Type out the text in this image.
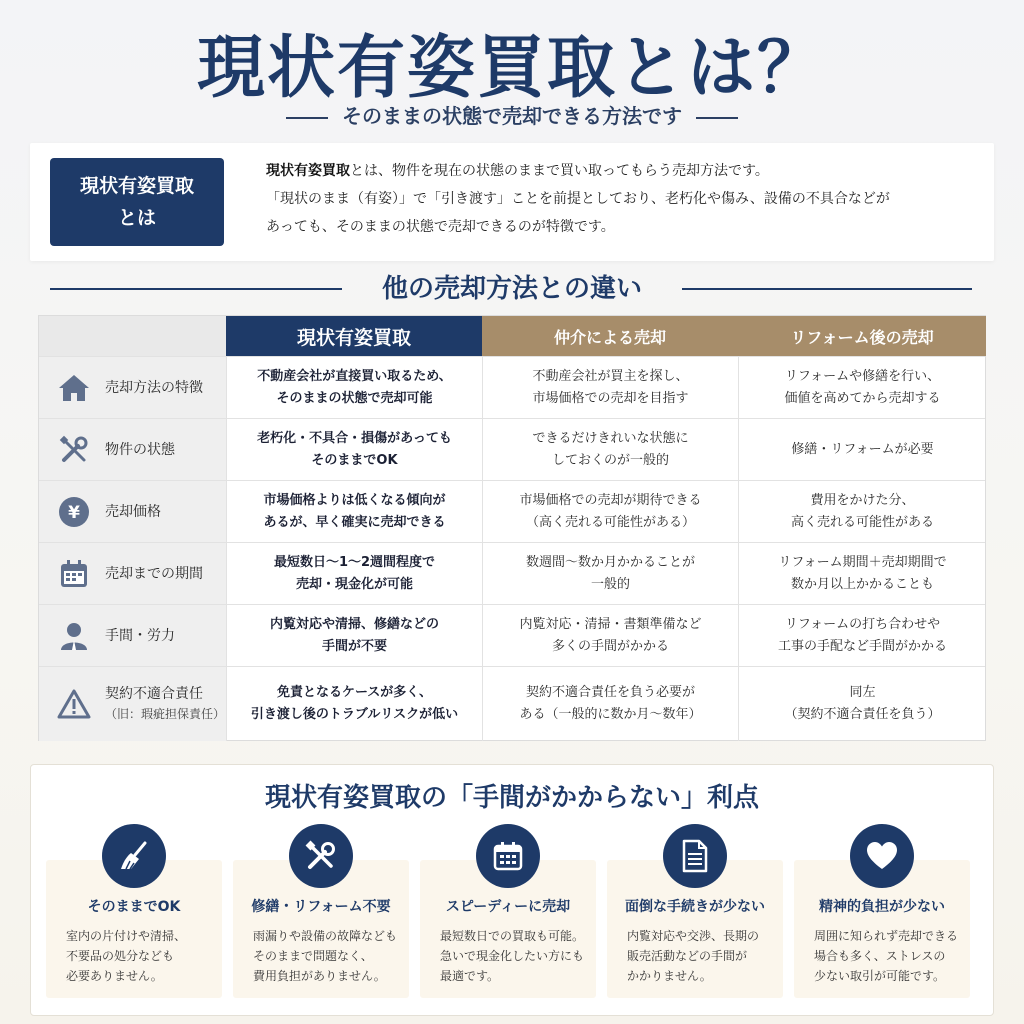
現状有姿買取とは？
そのままの状態で売却できる方法です
現状有姿買取
とは
現状有姿買取とは、物件を現在の状態のままで買い取ってもらう売却方法です。
「現状のまま（有姿）」で「引き渡す」ことを前提としており、老朽化や傷み、設備の不具合などが
あっても、そのままの状態で売却できるのが特徴です。
他の売却方法との違い
現状有姿買取	仲介による売却	リフォーム後の売却
売却方法の特徴
不動産会社が直接買い取るため、
そのままの状態で売却可能
不動産会社が買主を探し、
市場価格での売却を目指す
リフォームや修繕を行い、
価値を高めてから売却する
物件の状態
老朽化・不具合・損傷があっても
そのままでOK
できるだけきれいな状態に
しておくのが一般的
修繕・リフォームが必要
¥ 売却価格
市場価格よりは低くなる傾向が
あるが、早く確実に売却できる
市場価格での売却が期待できる
（高く売れる可能性がある）
費用をかけた分、
高く売れる可能性がある
売却までの期間
最短数日〜1〜2週間程度で
売却・現金化が可能
数週間〜数か月かかることが
一般的
リフォーム期間＋売却期間で
数か月以上かかることも
手間・労力
内覧対応や清掃、修繕などの
手間が不要
内覧対応・清掃・書類準備など
多くの手間がかかる
リフォームの打ち合わせや
工事の手配など手間がかかる
契約不適合責任
（旧：瑕疵担保責任）
免責となるケースが多く、
引き渡し後のトラブルリスクが低い
契約不適合責任を負う必要が
ある（一般的に数か月〜数年）
同左
（契約不適合責任を負う）
現状有姿買取の「手間がかからない」利点
そのままでOK
室内の片付けや清掃、
不要品の処分なども
必要ありません。
修繕・リフォーム不要
雨漏りや設備の故障なども
そのままで問題なく、
費用負担がありません。
スピーディーに売却
最短数日での買取も可能。
急いで現金化したい方にも
最適です。
面倒な手続きが少ない
内覧対応や交渉、長期の
販売活動などの手間が
かかりません。
精神的負担が少ない
周囲に知られず売却できる
場合も多く、ストレスの
少ない取引が可能です。
